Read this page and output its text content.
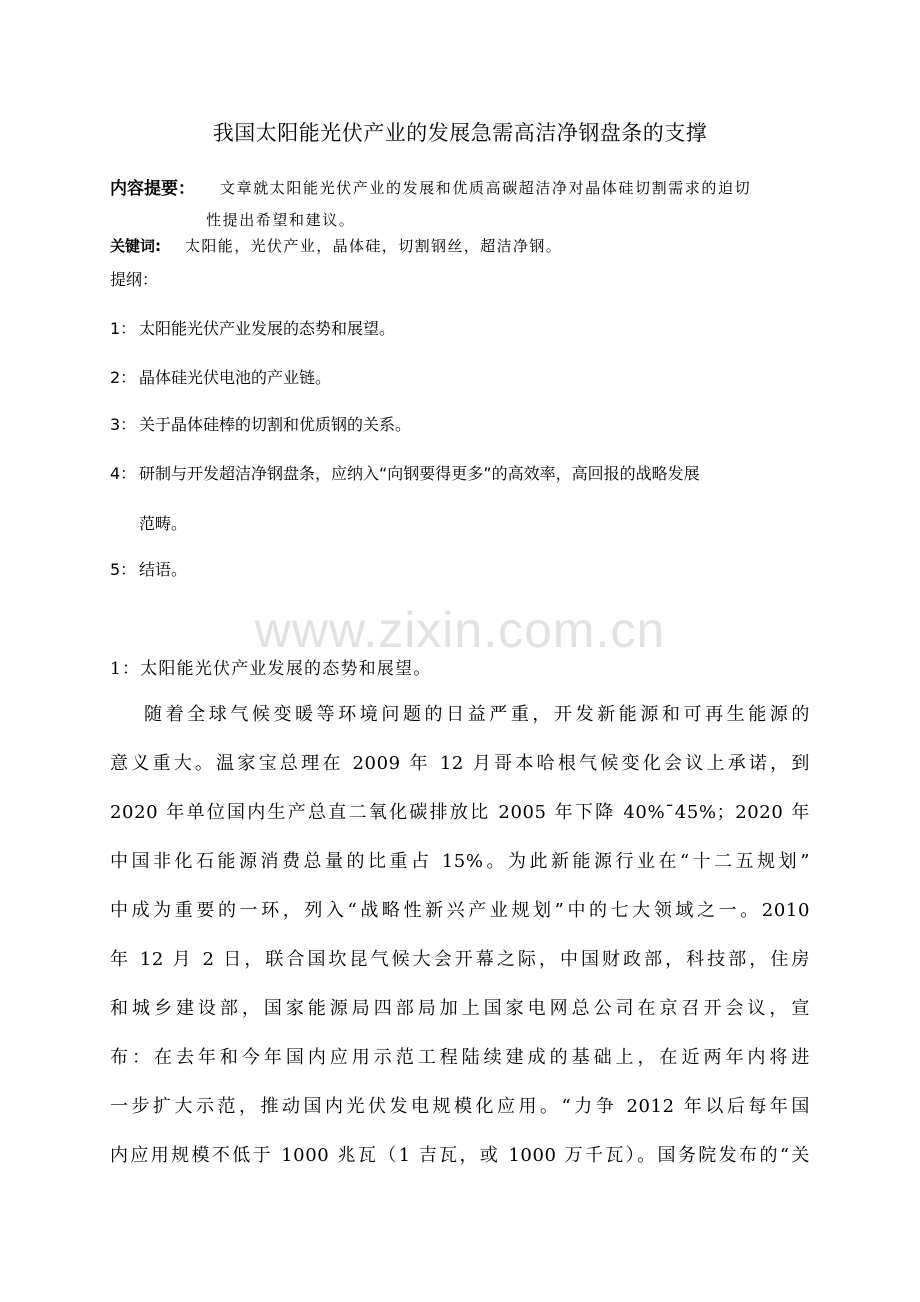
我国太阳能光伏产业的发展急需高洁净钢盘条的支撑
内容提要： 文章就太阳能光伏产业的发展和优质高碳超洁净对晶体硅切割需求的迫切
性提出希望和建议。
关键词: 太阳能，光伏产业，晶体硅，切割钢丝，超洁净钢。
提纲：
1： 太阳能光伏产业发展的态势和展望。
2： 晶体硅光伏电池的产业链。
3： 关于晶体硅棒的切割和优质钢的关系。
4： 研制与开发超洁净钢盘条，应纳入“向钢要得更多”的高效率，高回报的战略发展
范畴。
5： 结语。
www.zixin.com.cn
1：太阳能光伏产业发展的态势和展望。
随着全球气候变暖等环境问题的日益严重，开发新能源和可再生能源的
意义重大。温家宝总理在 2009 年 12 月哥本哈根气候变化会议上承诺，到
2020 年单位国内生产总直二氧化碳排放比 2005 年下降 40%¯45%；2020 年
中国非化石能源消费总量的比重占 15%。为此新能源行业在“十二五规划”
中成为重要的一环，列入“战略性新兴产业规划”中的七大领域之一。2010
年 12 月 2 日，联合国坎昆气候大会开幕之际，中国财政部，科技部，住房
和城乡建设部，国家能源局四部局加上国家电网总公司在京召开会议，宣
布：在去年和今年国内应用示范工程陆续建成的基础上，在近两年内将进
一步扩大示范，推动国内光伏发电规模化应用。“力争 2012 年以后每年国
内应用规模不低于 1000 兆瓦（1 吉瓦，或 1000 万千瓦）。国务院发布的“关
